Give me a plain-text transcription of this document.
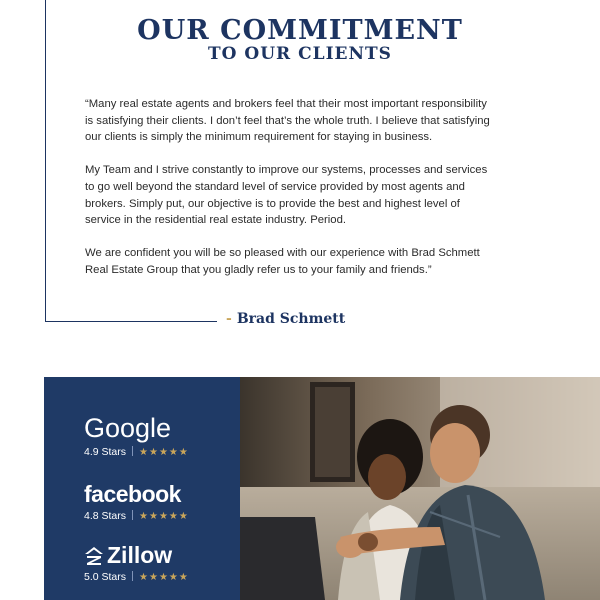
OUR COMMITMENT
TO OUR CLIENTS

“Many real estate agents and brokers feel that their most important responsibility is satisfying their clients. I don’t feel that’s the whole truth. I believe that satisfying our clients is simply the minimum requirement for staying in business.

My Team and I strive constantly to improve our systems, processes and services to go well beyond the standard level of service provided by most agents and brokers. Simply put, our objective is to provide the best and highest level of service in the residential real estate industry. Period.

We are confident you will be so pleased with our experience with Brad Schmett Real Estate Group that you gladly refer us to your family and friends.”

- Brad Schmett
Google
4.9 Stars ★★★★★
facebook
4.8 Stars ★★★★★
Zillow
5.0 Stars ★★★★★
